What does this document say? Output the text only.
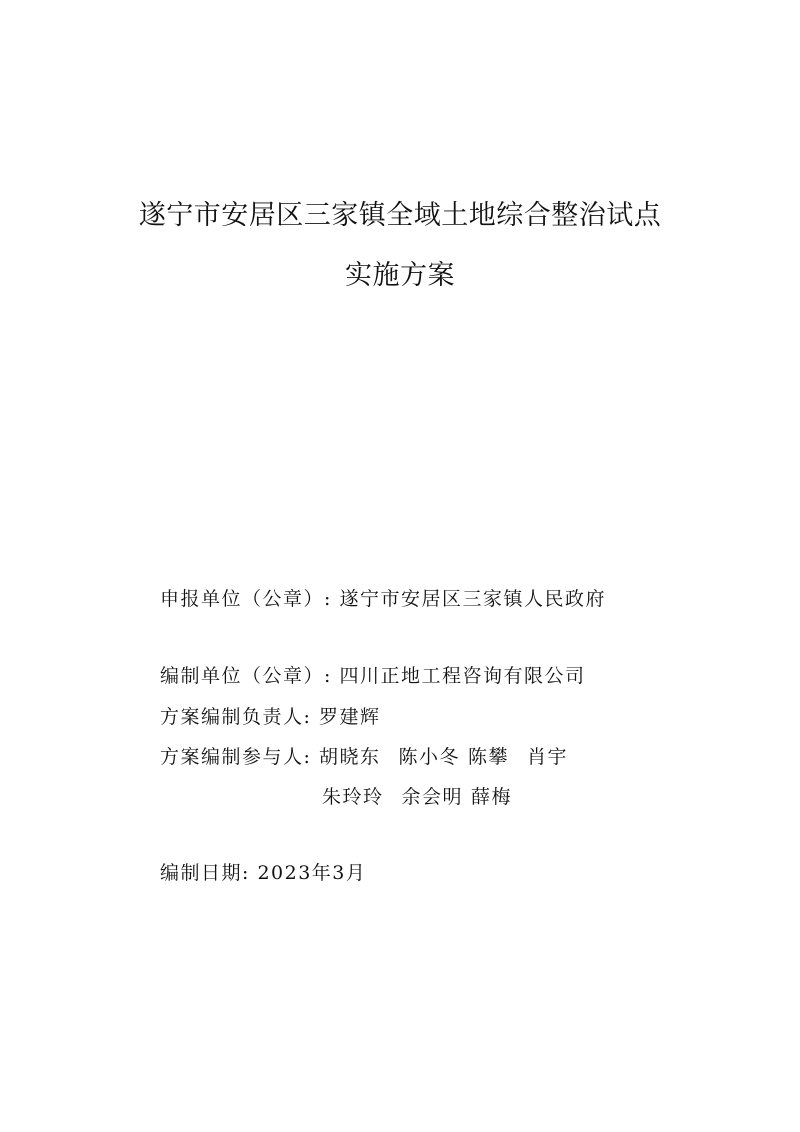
遂宁市安居区三家镇全域土地综合整治试点
实施方案
申报单位（公章）: 遂宁市安居区三家镇人民政府
编制单位（公章）: 四川正地工程咨询有限公司
方案编制负责人: 罗建辉
方案编制参与人: 胡晓东 陈小冬 陈攀 肖宇
朱玲玲 余会明 薛梅
编制日期: 2023年3月
